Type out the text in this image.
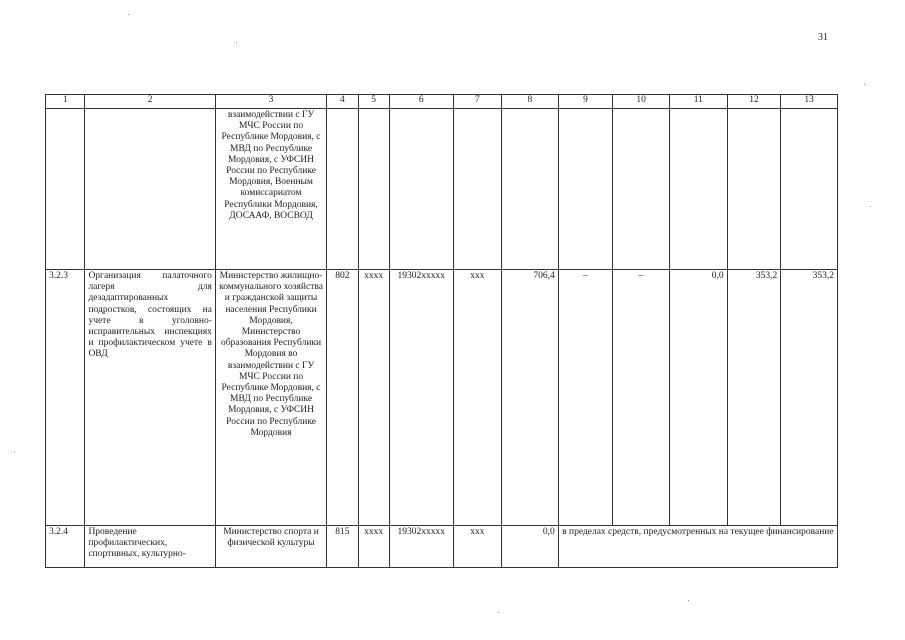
31
1	2	3	4	5	6	7	8	9	10	11	12	13
		взаимодействии с ГУ МЧС России по Республике Мордовия, с МВД по Республике Мордовия, с УФСИН России по Республике Мордовия, Военным комиссариатом Республики Мордовия, ДОСААФ, ВОСВОД										
3.2.3	Организация палаточного лагеря для дезадаптированных подростков, состоящих на учете в уголовно-исправительных инспекциях и профилактическом учете в ОВД	Министерство жилищно-коммунального хозяйства и гражданской защиты населения Республики Мордовия, Министерство образования Республики Мордовия во взаимодействии с ГУ МЧС России по Республике Мордовия, с МВД по Республике Мордовия, с УФСИН России по Республике Мордовия	802	хххх	19302ххххх	ххх	706,4	–	–	0,0	353,2	353,2
3.2.4	Проведение профилактических, спортивных, культурно-	Министерство спорта и физической культуры	815	хххх	19302ххххх	ххх	0,0	в пределах средств, предусмотренных на текущее финансирование				
